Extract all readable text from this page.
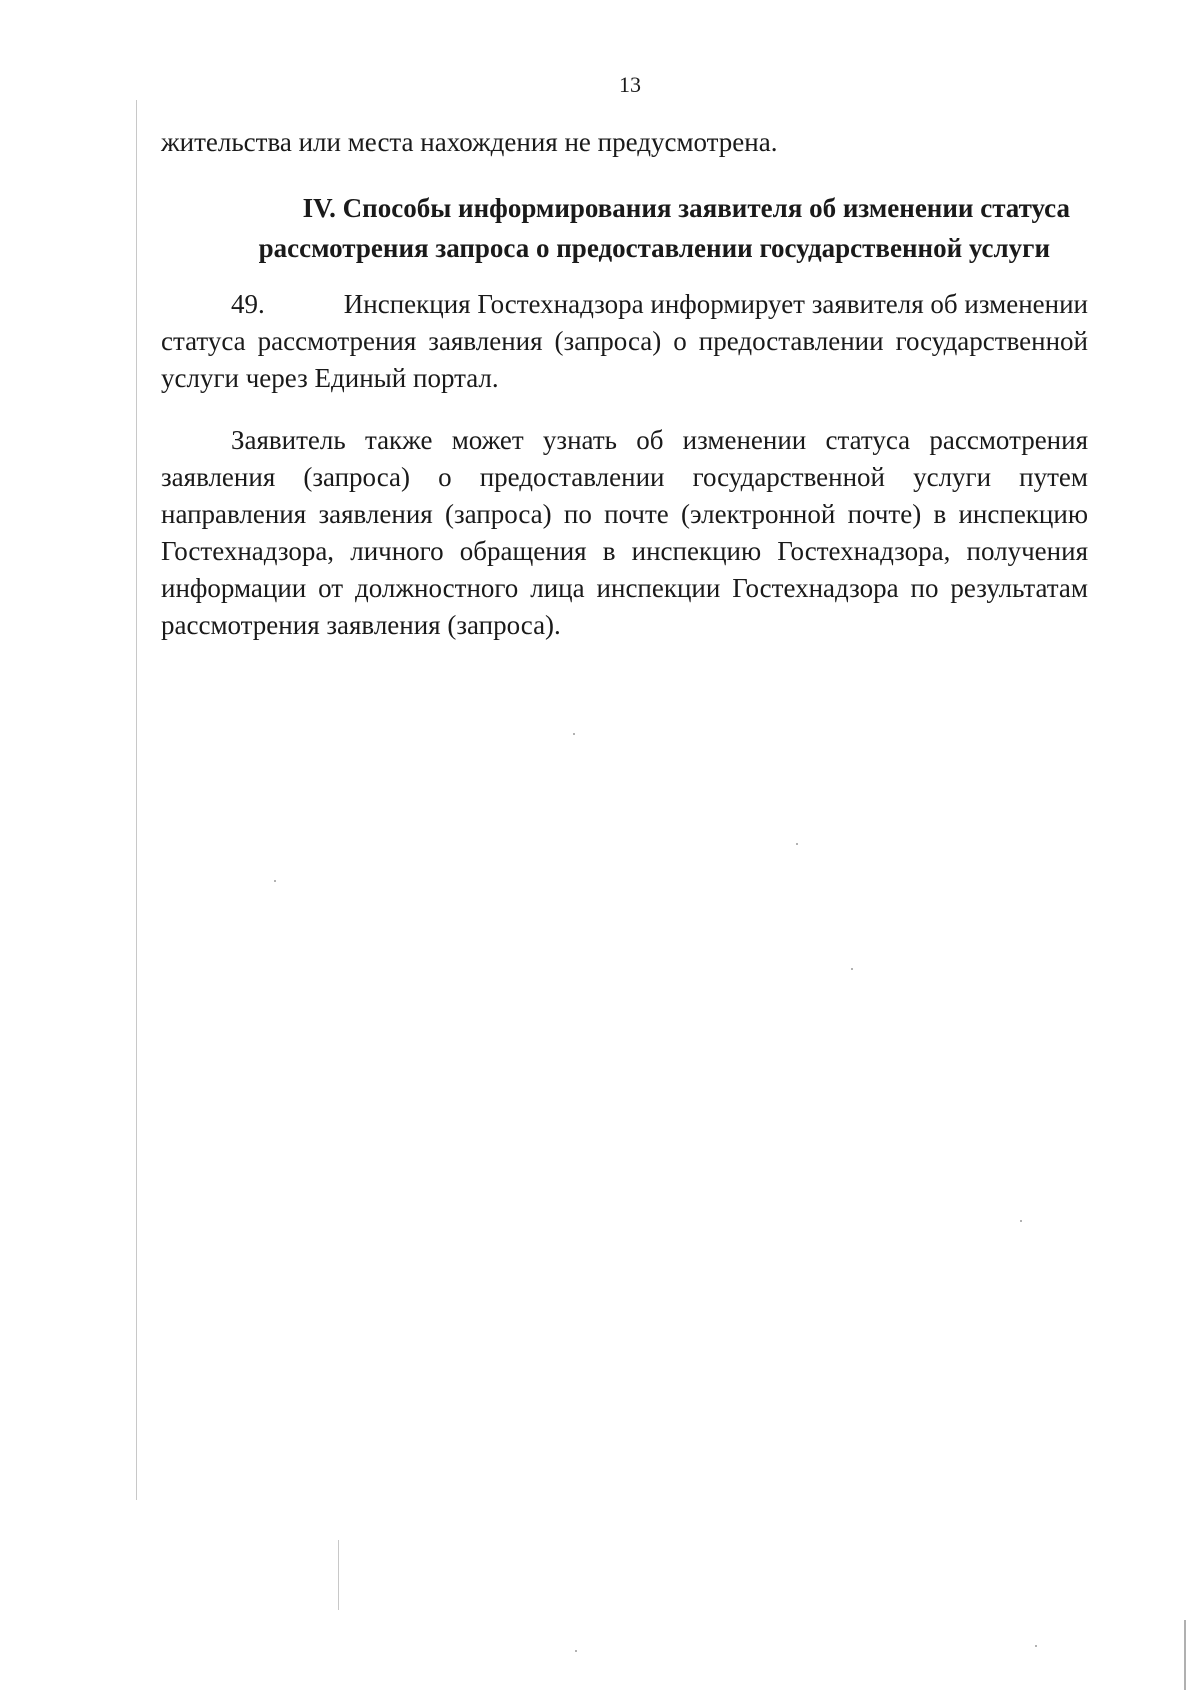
13
жительства или места нахождения не предусмотрена.
IV. Способы информирования заявителя об изменении статуса
рассмотрения запроса о предоставлении государственной услуги
49.	Инспекция Гостехнадзора информирует заявителя об изменении
статуса рассмотрения заявления (запроса) о предоставлении государственной услуги через Единый портал.
Заявитель также может узнать об изменении статуса рассмотрения заявления (запроса) о предоставлении государственной услуги путем направления заявления (запроса) по почте (электронной почте) в инспекцию Гостехнадзора, личного обращения в инспекцию Гостехнадзора, получения информации от должностного лица инспекции Гостехнадзора по результатам рассмотрения заявления (запроса).
